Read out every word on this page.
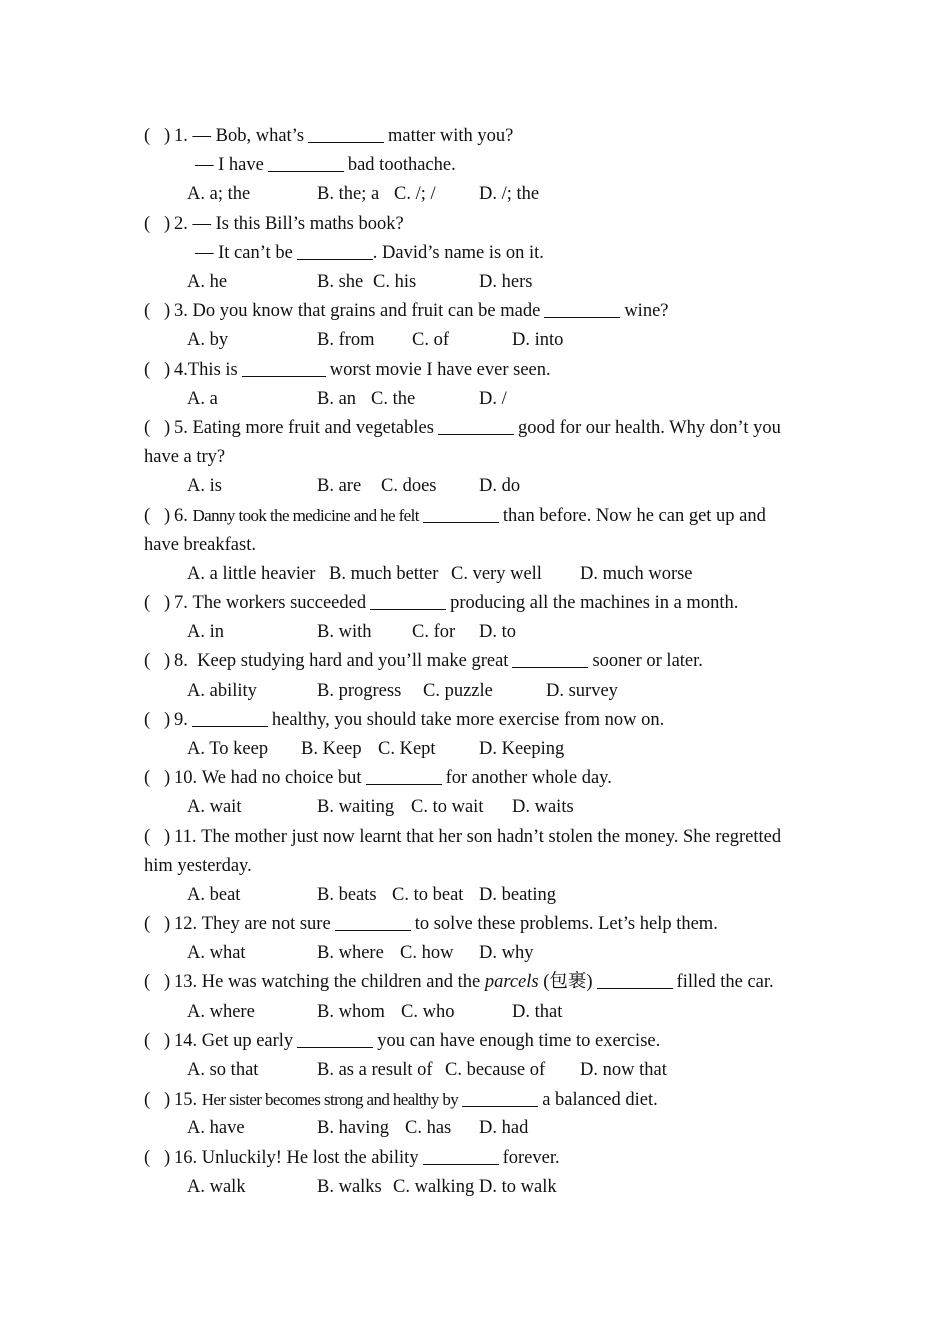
( ) 1. — Bob, what’s	matter with you?
— I have	bad toothache.
A. a; the	B. the; a C. /; / D. /; the
( ) 2. — Is this Bill’s maths book?
— It can’t be	. David’s name is on it.
A. he	B. she C. his	D. hers
( ) 3. Do you know that grains and fruit can be made	wine?
A. by	B. from C. of	D. into
( ) 4.This is	worst movie I have ever seen.
A. a	B. an C. the	D. /
( ) 5. Eating more fruit and vegetables	good for our health. Why don’t you
have a try?
A. is	B. are C. does D. do
( ) 6. Danny took the medicine and he felt	than before. Now he can get up and
have breakfast.
A. a little heavier B. much better C. very well D. much worse
( ) 7. The workers succeeded	producing all the machines in a month.
A. in	B. with C. for D. to
( ) 8. Keep studying hard and you’ll make great	sooner or later.
A. ability	B. progress C. puzzle	D. survey
( ) 9.	healthy, you should take more exercise from now on.
A. To keep B. Keep C. Kept D. Keeping
( ) 10. We had no choice but	for another whole day.
A. wait	B. waiting C. to wait D. waits
( ) 11. The mother just now learnt that her son hadn’t stolen the money. She regretted
him yesterday.
A. beat	B. beats C. to beat D. beating
( ) 12. They are not sure	to solve these problems. Let’s help them.
A. what	B. where C. how D. why
( ) 13. He was watching the children and the parcels (包裹)	filled the car.
A. where	B. whom C. who	D. that
( ) 14. Get up early	you can have enough time to exercise.
A. so that	B. as a result of C. because of D. now that
( ) 15. Her sister becomes strong and healthy by	a balanced diet.
A. have	B. having C. has D. had
( ) 16. Unluckily! He lost the ability	forever.
A. walk	B. walks C. walking D. to walk
